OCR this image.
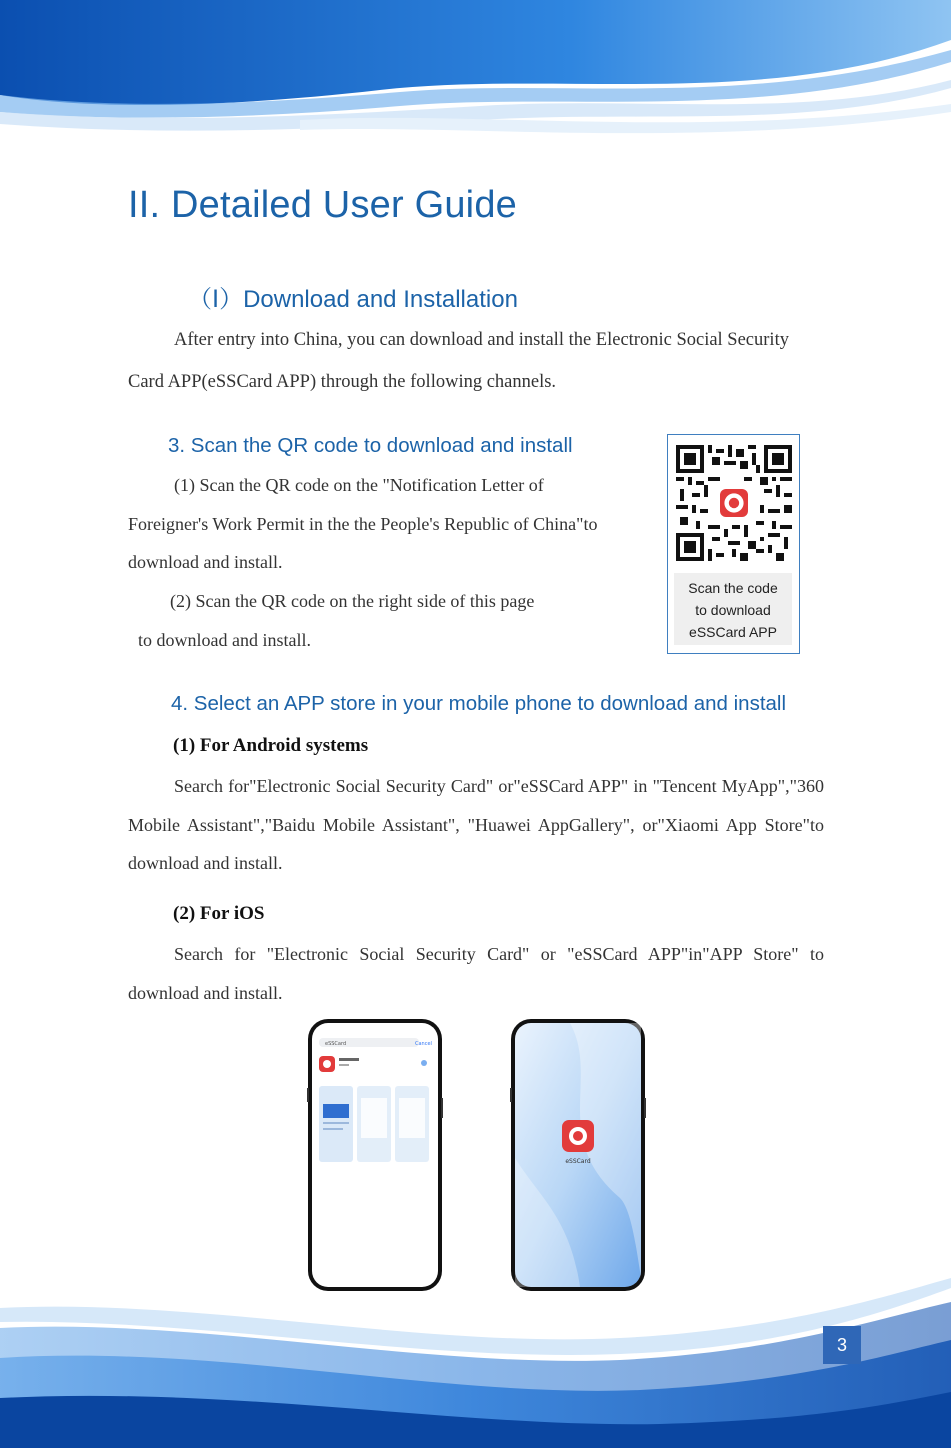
II. Detailed User Guide
（Ⅰ）Download and Installation
After entry into China, you can download and install the Electronic Social Security Card APP(eSSCard APP) through the following channels.
3. Scan the QR code to download and install
(1) Scan the QR code on the "Notification Letter of Foreigner's Work Permit in the the People's Republic of China"to download and install.
(2) Scan the QR code on the right side of this page
to download and install.
Scan the code
to download
eSSCard APP
4. Select an APP store in your mobile phone to download and install
(1) For Android systems
Search for"Electronic Social Security Card" or"eSSCard APP" in "Tencent MyApp","360 Mobile Assistant","Baidu Mobile Assistant", "Huawei AppGallery", or"Xiaomi App Store"to download and install.
(2) For iOS
Search for "Electronic Social Security Card" or "eSSCard APP"in"APP Store" to download and install.
eSSCard	Cancel
eSSCard
3
